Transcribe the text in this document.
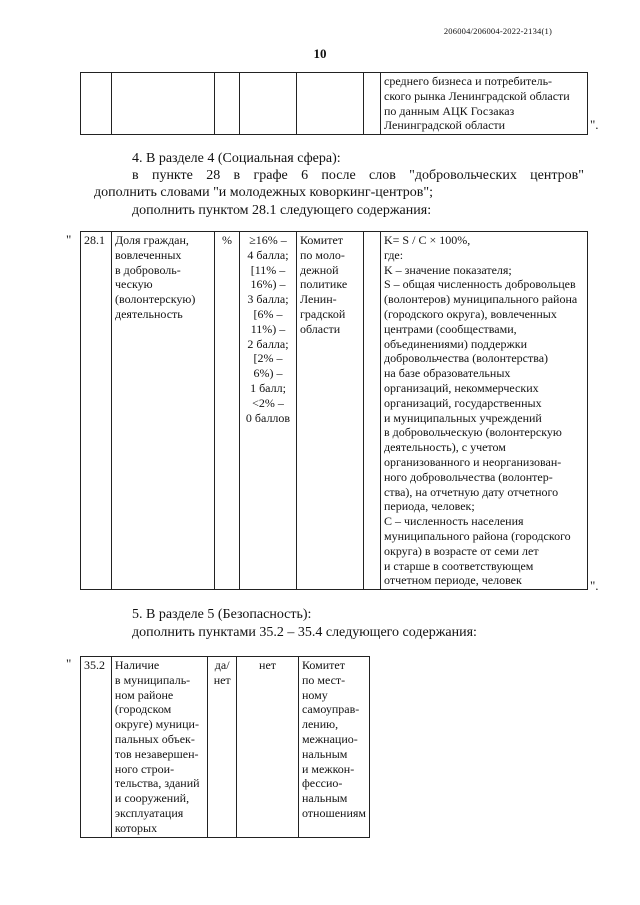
206004/206004-2022-2134(1)
10
						среднего бизнеса и потребитель-
ского рынка Ленинградской области
по данным АЦК Госзаказ
Ленинградской области	".
4. В разделе 4 (Социальная сфера):
в пункте 28 в графе 6 после слов "добровольческих центров"
дополнить словами "и молодежных коворкинг-центров";
дополнить пунктом 28.1 следующего содержания:
" 28.1	Доля граждан,
вовлеченных
в доброволь-
ческую
(волонтерскую)
деятельность	%	≥16% –
4 балла;
[11% –
16%) –
3 балла;
[6% –
11%) –
2 балла;
[2% –
6%) –
1 балл;
<2% –
0 баллов	Комитет
по моло-
дежной
политике
Ленин-
градской
области		K= S / C × 100%,
где:
K – значение показателя;
S – общая численность добровольцев
(волонтеров) муниципального района
(городского округа), вовлеченных
центрами (сообществами,
объединениями) поддержки
добровольчества (волонтерства)
на базе образовательных
организаций, некоммерческих
организаций, государственных
и муниципальных учреждений
в добровольческую (волонтерскую
деятельность), с учетом
организованного и неорганизован-
ного добровольчества (волонтер-
ства), на отчетную дату отчетного
периода, человек;
C – численность населения
муниципального района (городского
округа) в возрасте от семи лет
и старше в соответствующем
отчетном периоде, человек	".
5. В разделе 5 (Безопасность):
дополнить пунктами 35.2 – 35.4 следующего содержания:
" 35.2	Наличие
в муниципаль-
ном районе
(городском
округе) муници-
пальных объек-
тов незавершен-
ного строи-
тельства, зданий
и сооружений,
эксплуатация
которых	да/
нет	нет	Комитет
по мест-
ному
самоуправ-
лению,
межнацио-
нальным
и межкон-
фессио-
нальным
отношениям
